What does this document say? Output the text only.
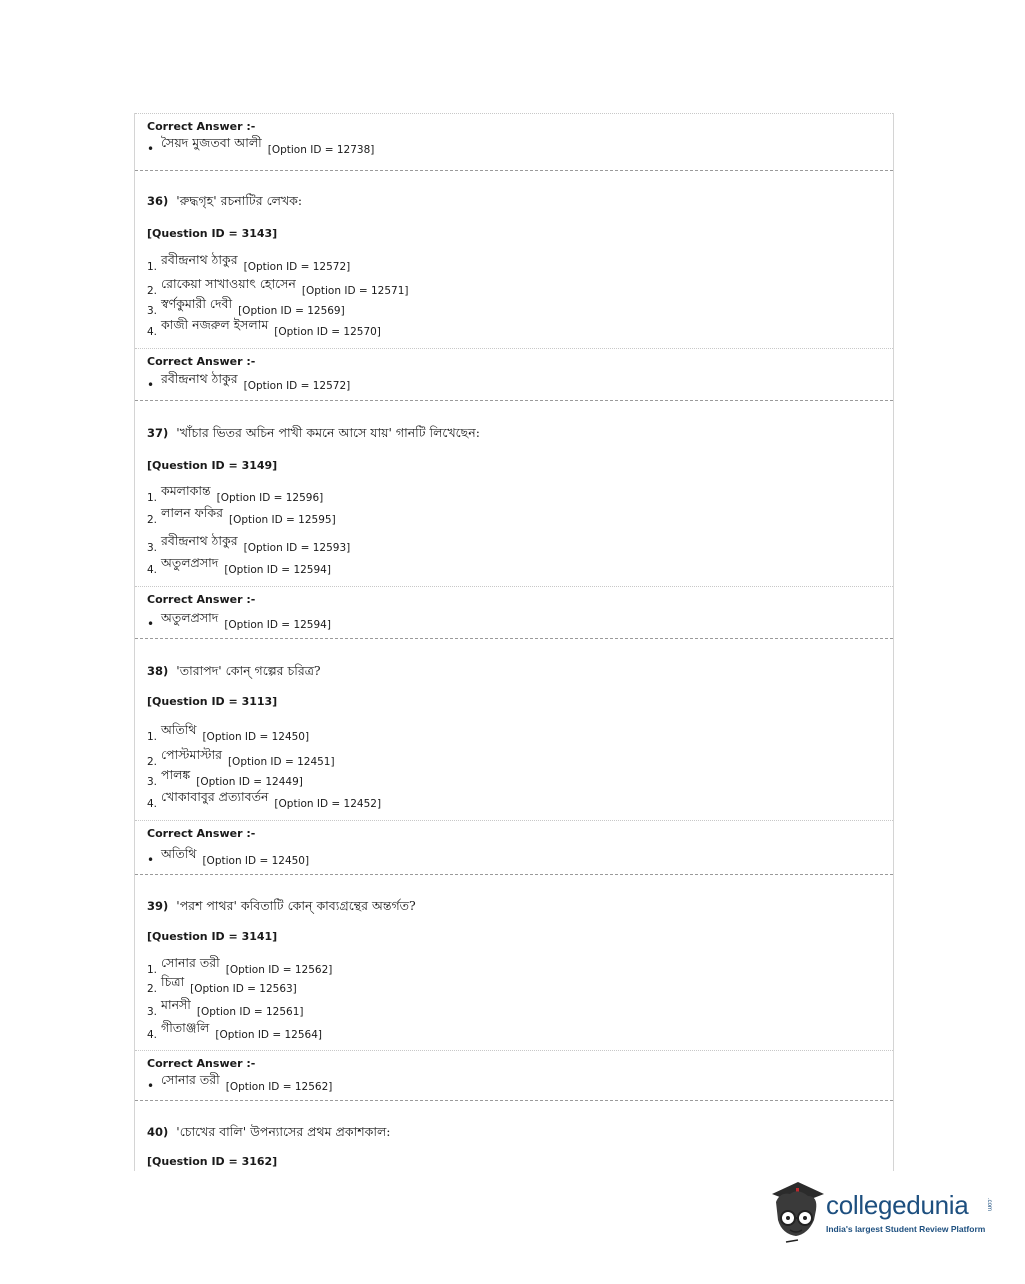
Correct Answer :-
• সৈয়দ মুজতবা আলী [Option ID = 12738]
36) 'রুদ্ধগৃহ' রচনাটির লেখক:
[Question ID = 3143]
1. রবীন্দ্রনাথ ঠাকুর [Option ID = 12572]
2. রোকেয়া সাখাওয়াৎ হোসেন [Option ID = 12571]
3. স্বর্ণকুমারী দেবী [Option ID = 12569]
4. কাজী নজরুল ইসলাম [Option ID = 12570]
Correct Answer :-
• রবীন্দ্রনাথ ঠাকুর [Option ID = 12572]
37) 'খাঁচার ভিতর অচিন পাখী কমনে আসে যায়' গানটি লিখেছেন:
[Question ID = 3149]
1. কমলাকান্ত [Option ID = 12596]
2. লালন ফকির [Option ID = 12595]
3. রবীন্দ্রনাথ ঠাকুর [Option ID = 12593]
4. অতুলপ্রসাদ [Option ID = 12594]
Correct Answer :-
• অতুলপ্রসাদ [Option ID = 12594]
38) 'তারাপদ' কোন্ গল্পের চরিত্র?
[Question ID = 3113]
1. অতিথি [Option ID = 12450]
2. পোস্টমাস্টার [Option ID = 12451]
3. পালঙ্ক [Option ID = 12449]
4. খোকাবাবুর প্রত্যাবর্তন [Option ID = 12452]
Correct Answer :-
• অতিথি [Option ID = 12450]
39) 'পরশ পাথর' কবিতাটি কোন্ কাব্যগ্রন্থের অন্তর্গত?
[Question ID = 3141]
1. সোনার তরী [Option ID = 12562]
2. চিত্রা [Option ID = 12563]
3. মানসী [Option ID = 12561]
4. গীতাঞ্জলি [Option ID = 12564]
Correct Answer :-
• সোনার তরী [Option ID = 12562]
40) 'চোখের বালি' উপন্যাসের প্রথম প্রকাশকাল:
[Question ID = 3162]
collegedunia	.com
India's largest Student Review Platform
